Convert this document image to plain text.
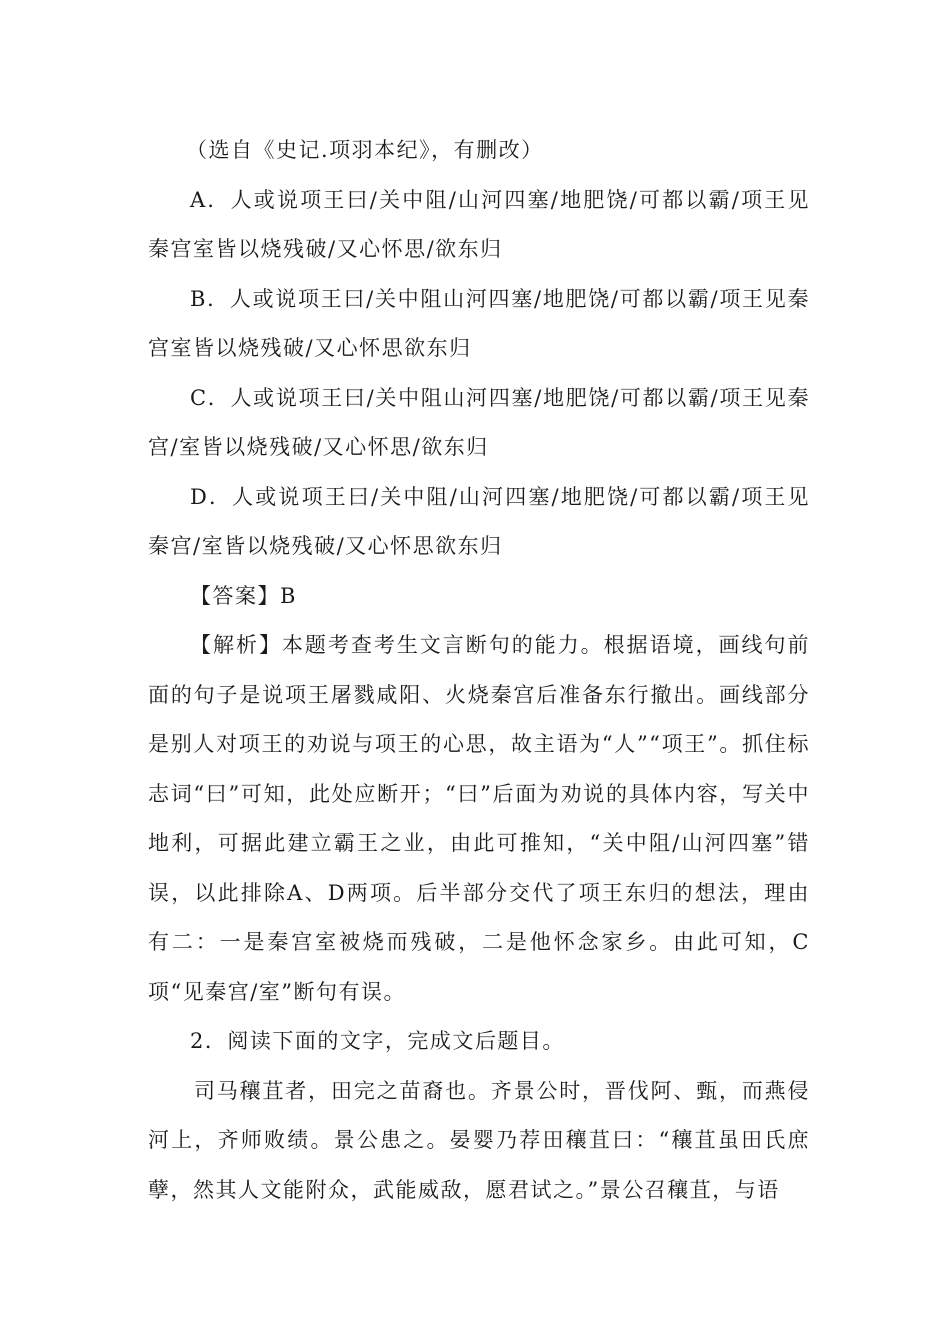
（选自《史记.项羽本纪》，有删改）

A．人或说项王曰/关中阻/山河四塞/地肥饶/可都以霸/项王见秦宫室皆以烧残破/又心怀思/欲东归

B．人或说项王曰/关中阻山河四塞/地肥饶/可都以霸/项王见秦宫室皆以烧残破/又心怀思欲东归

C．人或说项王曰/关中阻山河四塞/地肥饶/可都以霸/项王见秦宫/室皆以烧残破/又心怀思/欲东归

D．人或说项王曰/关中阻/山河四塞/地肥饶/可都以霸/项王见秦宫/室皆以烧残破/又心怀思欲东归

【答案】B

【解析】本题考查考生文言断句的能力。根据语境，画线句前面的句子是说项王屠戮咸阳、火烧秦宫后准备东行撤出。画线部分是别人对项王的劝说与项王的心思，故主语为“人”“项王”。抓住标志词“曰”可知，此处应断开；“曰”后面为劝说的具体内容，写关中地利，可据此建立霸王之业，由此可推知，“关中阻/山河四塞”错误，以此排除A、D两项。后半部分交代了项王东归的想法，理由有二：一是秦宫室被烧而残破，二是他怀念家乡。由此可知，C项“见秦宫/室”断句有误。

2．阅读下面的文字，完成文后题目。

司马穰苴者，田完之苗裔也。齐景公时，晋伐阿、甄，而燕侵河上，齐师败绩。景公患之。晏婴乃荐田穰苴曰：“穰苴虽田氏庶孽，然其人文能附众，武能威敌，愿君试之。”景公召穰苴，与语
